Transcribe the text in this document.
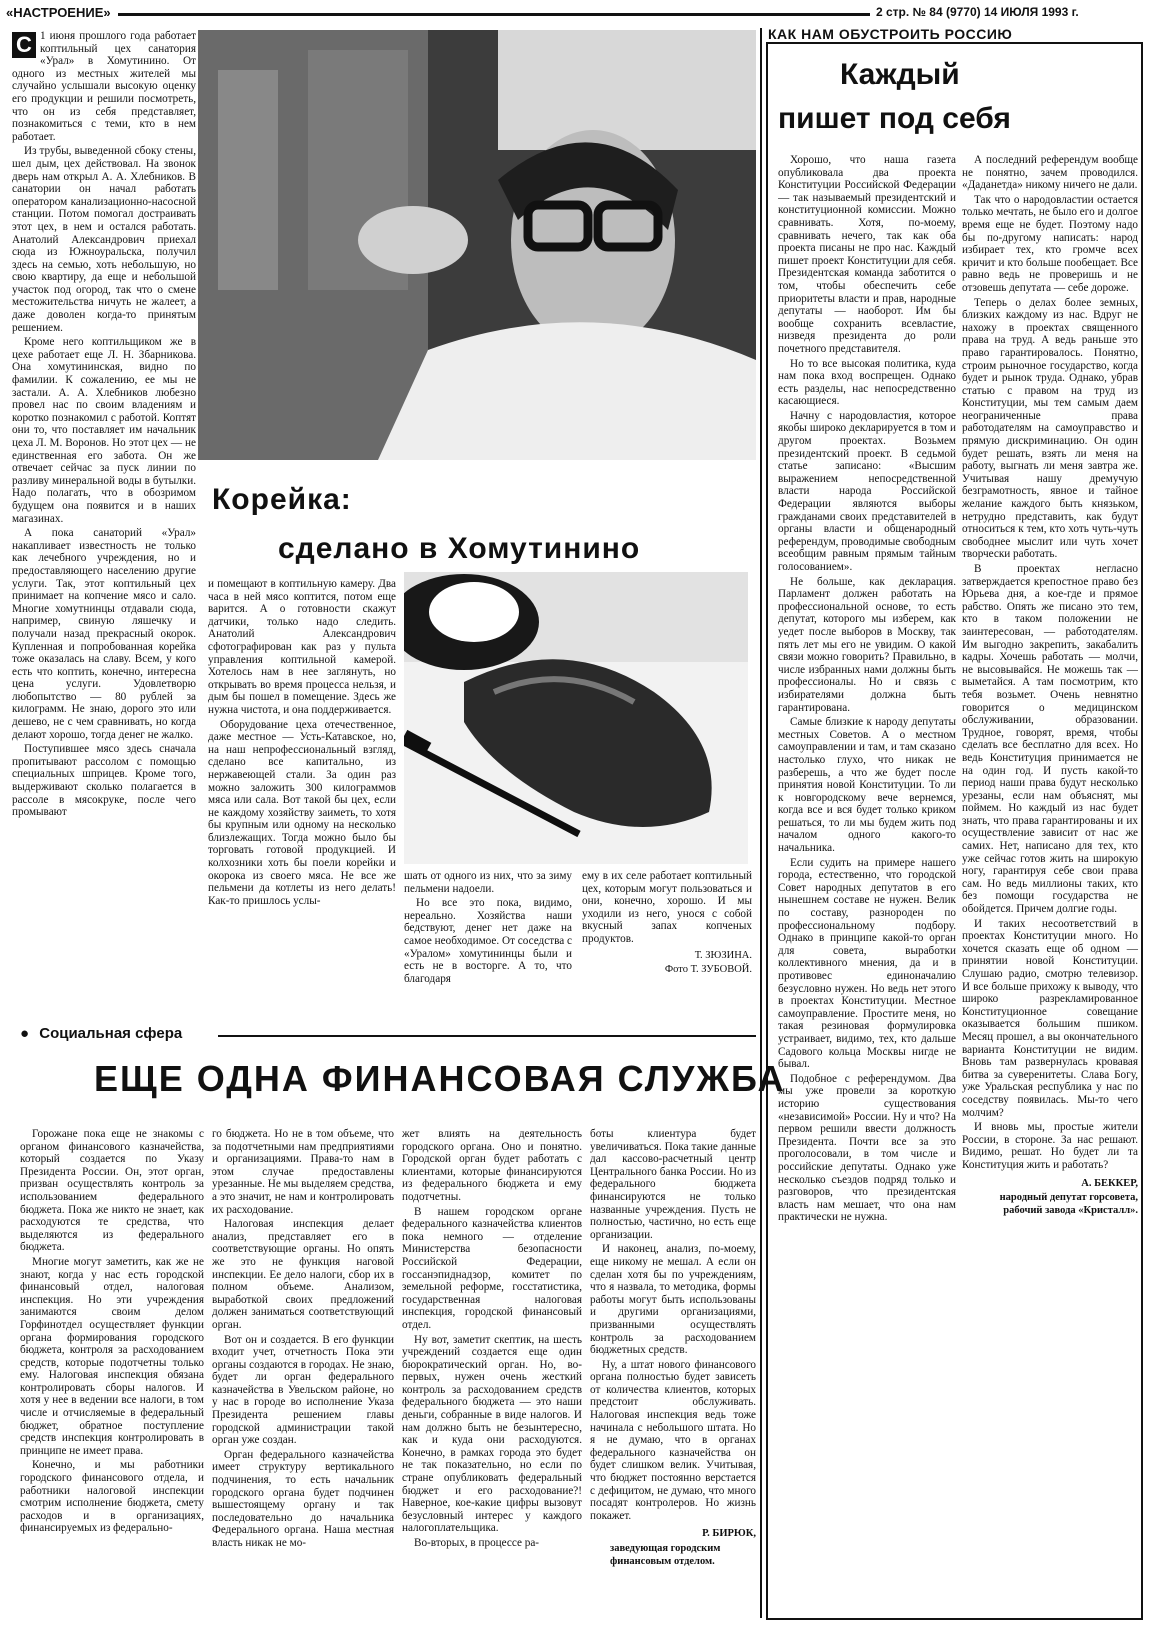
«НАСТРОЕНИЕ»	2 стр. № 84 (9770) 14 ИЮЛЯ 1993 г.
С 1 июня прошлого года работает коптильный цех санатория «Урал» в Хомутинино. От одного из местных жителей мы случайно услышали высокую оценку его продукции и решили посмотреть, что он из себя представляет, познакомиться с теми, кто в нем работает.

Из трубы, выведенной сбоку стены, шел дым, цех действовал. На звонок дверь нам открыл А. А. Хлебников. В санатории он начал работать оператором канализационно-насосной станции. Потом помогал достраивать этот цех, в нем и остался работать. Анатолий Александрович приехал сюда из Южноуральска, получил здесь на семью, хоть небольшую, но свою квартиру, да еще и небольшой участок под огород, так что о смене местожительства ничуть не жалеет, а даже доволен когда-то принятым решением.

Кроме него коптильщиком же в цехе работает еще Л. Н. Збарникова. Она хомутининская, видно по фамилии. К сожалению, ее мы не застали. А. А. Хлебников любезно провел нас по своим владениям и коротко познакомил с работой. Коптят они то, что поставляет им начальник цеха Л. М. Воронов. Но этот цех — не единственная его забота. Он же отвечает сейчас за пуск линии по разливу минеральной воды в бутылки. Надо полагать, что в обозримом будущем она появится и в наших магазинах.

А пока санаторий «Урал» накапливает известность не только как лечебного учреждения, но и предоставляющего населению другие услуги. Так, этот коптильный цех принимает на копчение мясо и сало. Многие хомутнинцы отдавали сюда, например, свиную ляшечку и получали назад прекрасный окорок. Купленная и попробованная корейка тоже оказалась на славу. Всем, у кого есть что коптить, конечно, интересна цена услуги. Удовлетворю любопытство — 80 рублей за килограмм. Не знаю, дорого это или дешево, не с чем сравнивать, но когда делают хорошо, тогда денег не жалко.

Поступившее мясо здесь сначала пропитывают рассолом с помощью специальных шприцев. Кроме того, выдерживают сколько полагается в рассоле в мясокруке, после чего промывают

Корейка:
сделано в Хомутинино

и помещают в коптильную камеру. Два часа в ней мясо коптится, потом еще варится. А о готовности скажут датчики, только надо следить. Анатолий Александрович сфотографирован как раз у пульта управления коптильной камерой. Хотелось нам в нее заглянуть, но открывать во время процесса нельзя, и дым бы пошел в помещение. Здесь же нужна чистота, и она поддерживается.

Оборудование цеха отечественное, даже местное — Усть-Катавское, но, на наш непрофессиональный взгляд, сделано все капитально, из нержавеющей стали. За один раз можно заложить 300 килограммов мяса или сала. Вот такой бы цех, если не каждому хозяйству заиметь, то хотя бы крупным или одному на несколько близлежащих. Тогда можно было бы торговать готовой продукцией. И колхозники хоть бы поели корейки и окорока из своего мяса. Не все же пельмени да котлеты из него делать! Как-то пришлось услы-

шать от одного из них, что за зиму пельмени надоели.

Но все это пока, видимо, нереально. Хозяйства наши бедствуют, денег нет даже на самое необходимое. От соседства с «Уралом» хомутининцы были и есть не в восторге. А то, что благодаря

ему в их селе работает коптильный цех, которым могут пользоваться и они, конечно, хорошо. И мы уходили из него, унося с собой вкусный запах копченых продуктов.

Т. ЗЮЗИНА.

Фото Т. ЗУБОВОЙ.

КАК НАМ ОБУСТРОИТЬ РОССИЮ
Каждый
пишет под себя

Хорошо, что наша газета опубликовала два проекта Конституции Российской Федерации — так называемый президентский и конституционной комиссии. Можно сравнивать. Хотя, по-моему, сравнивать нечего, так как оба проекта писаны не про нас. Каждый пишет проект Конституции для себя. Президентская команда заботится о том, чтобы обеспечить себе приоритеты власти и прав, народные депутаты — наоборот. Им бы вообще сохранить всевластие, низведя президента до роли почетного представителя.

Но то все высокая политика, куда нам пока вход воспрещен. Однако есть разделы, нас непосредственно касающиеся.

Начну с народовластия, которое якобы широко декларируется в том и другом проектах. Возьмем президентский проект. В седьмой статье записано: «Высшим выражением непосредственной власти народа Российской Федерации являются выборы гражданами своих представителей в органы власти и общенародный референдум, проводимые свободным всеобщим равным прямым тайным голосованием».

Не больше, как декларация. Парламент должен работать на профессиональной основе, то есть депутат, которого мы изберем, как уедет после выборов в Москву, так пять лет мы его не увидим. О какой связи можно говорить? Правильно, в числе избранных нами должны быть профессионалы. Но и связь с избирателями должна быть гарантирована.

Самые близкие к народу депутаты местных Советов. А о местном самоуправлении и там, и там сказано настолько глухо, что никак не разберешь, а что же будет после принятия новой Конституции. То ли к новгородскому вече вернемся, когда все и вся будет только криком решаться, то ли мы будем жить под началом одного какого-то начальника.

Если судить на примере нашего города, естественно, что городской Совет народных депутатов в его нынешнем составе не нужен. Велик по составу, разнороден по профессиональному подбору. Однако в принципе какой-то орган для совета, выработки коллективного мнения, да и в противовес единоначалию безусловно нужен. Но ведь нет этого в проектах Конституции. Местное самоуправление. Простите меня, но такая резиновая формулировка устраивает, видимо, тех, кто дальше Садового кольца Москвы нигде не бывал.

Подобное с референдумом. Два мы уже провели за короткую историю существования «независимой» России. Ну и что? На первом решили ввести должность Президента. Почти все за это проголосовали, в том числе и российские депутаты. Однако уже несколько съездов подряд только и разговоров, что президентская власть нам мешает, что она нам практически не нужна.

А последний референдум вообще не понятно, зачем проводился. «Даданетда» никому ничего не дали.

Так что о народовластии остается только мечтать, не было его и долгое время еще не будет. Поэтому надо бы по-другому написать: народ избирает тех, кто громче всех кричит и кто больше пообещает. Все равно ведь не проверишь и не отзовешь депутата — себе дороже.

Теперь о делах более земных, близких каждому из нас. Вдруг не нахожу в проектах священного права на труд. А ведь раньше это право гарантировалось. Понятно, строим рыночное государство, когда будет и рынок труда. Однако, убрав статью с правом на труд из Конституции, мы тем самым даем неограниченные права работодателям на самоуправство и прямую дискриминацию. Он один будет решать, взять ли меня на работу, выгнать ли меня завтра же. Учитывая нашу дремучую безграмотность, явное и тайное желание каждого быть князьком, нетрудно представить, как будут относиться к тем, кто хоть чуть-чуть свободнее мыслит или чуть хочет творчески работать.

В проектах негласно затверждается крепостное право без Юрьева дня, а кое-где и прямое рабство. Опять же писано это тем, кто в таком положении не заинтересован, — работодателям. Им выгодно закрепить, закабалить кадры. Хочешь работать — молчи, не высовывайся. Не можешь так — выметайся. А там посмотрим, кто тебя возьмет. Очень невнятно говорится о медицинском обслуживании, образовании. Трудное, говорят, время, чтобы сделать все бесплатно для всех. Но ведь Конституция принимается не на один год. И пусть какой-то период наши права будут несколько урезаны, если нам объяснят, мы поймем. Но каждый из нас будет знать, что права гарантированы и их осуществление зависит от нас же самих. Нет, написано для тех, кто уже сейчас готов жить на широкую ногу, гарантируя себе свои права сам. Но ведь миллионы таких, кто без помощи государства не обойдется. Причем долгие годы.

И таких несоответствий в проектах Конституции много. Но хочется сказать еще об одном — принятии новой Конституции. Слушаю радио, смотрю телевизор. И все больше прихожу к выводу, что широко разрекламированное Конституционное совещание оказывается большим пшиком. Месяц прошел, а вы окончательного варианта Конституции не видим. Вновь там развернулась кровавая битва за суверенитеты. Слава Богу, уже Уральская республика у нас по соседству появилась. Мы-то чего молчим?

И вновь мы, простые жители России, в стороне. За нас решают. Видимо, решат. Но будет ли та Конституция жить и работать?

А. БЕККЕР,

народный депутат горсовета, рабочий завода «Кристалл».

● Социальная сфера
ЕЩЕ ОДНА ФИНАНСОВАЯ СЛУЖБА

Горожане пока еще не знакомы с органом финансового казначейства, который создается по Указу Президента России. Он, этот орган, призван осуществлять контроль за использованием федерального бюджета. Пока же никто не знает, как расходуются те средства, что выделяются из федерального бюджета.

Многие могут заметить, как же не знают, когда у нас есть городской финансовый отдел, налоговая инспекция. Но эти учреждения занимаются своим делом Горфинотдел осуществляет функции органа формирования городского бюджета, контроля за расходованием средств, которые подотчетны только ему. Налоговая инспекция обязана контролировать сборы налогов. И хотя у нее в ведении все налоги, в том числе и отчисляемые в федеральный бюджет, обратное поступление средств инспекция контролировать в принципе не имеет права.

Конечно, и мы работники городского финансового отдела, и работники налоговой инспекции смотрим исполнение бюджета, смету расходов и в организациях, финансируемых из федерально-

го бюджета. Но не в том объеме, что за подотчетными нам предприятиями и организациями. Права-то нам в этом случае предоставлены урезанные. Не мы выделяем средства, а это значит, не нам и контролировать их расходование.

Налоговая инспекция делает анализ, представляет его в соответствующие органы. Но опять же это не функция наговой инспекции. Ее дело налоги, сбор их в полном объеме. Анализом, выработкой своих предложений должен заниматься соответствующий орган.

Вот он и создается. В его функции входит учет, отчетность Пока эти органы создаются в городах. Не знаю, будет ли орган федерального казначейства в Увельском районе, но у нас в городе во исполнение Указа Президента решением главы городской администрации такой орган уже создан.

Орган федерального казначейства имеет структуру вертикального подчинения, то есть начальник городского органа будет подчинен вышестоящему органу и так последовательно до начальника Федерального органа. Наша местная власть никак не мо-

жет влиять на деятельность городского органа. Оно и понятно. Городской орган будет работать с клиентами, которые финансируются из федерального бюджета и ему подотчетны.

В нашем городском органе федерального казначейства клиентов пока немного — отделение Министерства безопасности Российской Федерации, госсанэпиднадзор, комитет по земельной реформе, госстатистика, государственная налоговая инспекция, городской финансовый отдел.

Ну вот, заметит скептик, на шесть учреждений создается еще один бюрократический орган. Но, во-первых, нужен очень жесткий контроль за расходованием средств федерального бюджета — это наши деньги, собранные в виде налогов. И нам должно быть не безынтересно, как и куда они расходуются. Конечно, в рамках города это будет не так показательно, но если по стране опубликовать федеральный бюджет и его расходование?! Наверное, кое-какие цифры вызовут безусловный интерес у каждого налогоплательщика.

Во-вторых, в процессе ра-

боты клиентура будет увеличиваться. Пока такие данные дал кассово-расчетный центр Центрального банка России. Но из федерального бюджета финансируются не только названные учреждения. Пусть не полностью, частично, но есть еще организации.

И наконец, анализ, по-моему, еще никому не мешал. А если он сделан хотя бы по учреждениям, что я назвала, то методика, формы работы могут быть использованы и другими организациями, призванными осуществлять контроль за расходованием бюджетных средств.

Ну, а штат нового финансового органа полностью будет зависеть от количества клиентов, которых предстоит обслуживать. Налоговая инспекция ведь тоже начинала с небольшого штата. Но я не думаю, что в органах федерального казначейства он будет слишком велик. Учитывая, что бюджет постоянно верстается с дефицитом, не думаю, что много посадят контролеров. Но жизнь покажет.

Р. БИРЮК,

заведующая городским финансовым отделом.
